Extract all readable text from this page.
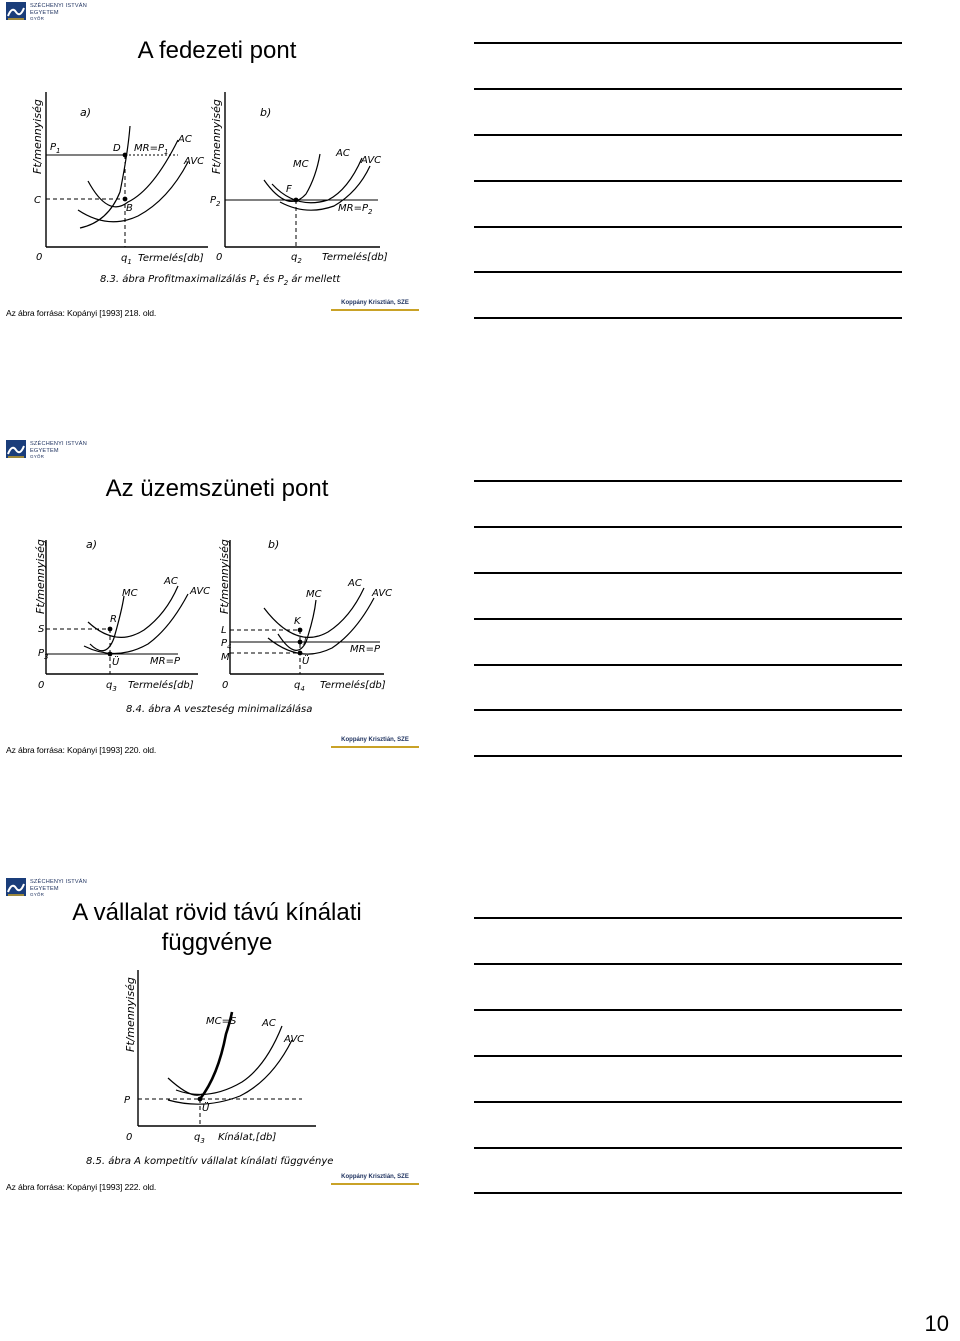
SZÉCHENYI ISTVÁN
EGYETEM
GYŐR
A fedezeti pont
Ft/mennyiség	a)
$P_1$
C
D
B
$MR=P_1$
AC
AVC
0	$q_1$ Termelés[db]
Ft/mennyiség	b)
MC
AC
AVC
F
$P_2$	$MR=P_2$
0	$q_2$ Termelés[db]
8.3. ábra Profitmaximalizálás $P_1$ és $P_2$ ár mellett
Az ábra forrása: Kopányi [1993] 218. old.
Koppány Krisztián, SZE
SZÉCHENYI ISTVÁN
EGYETEM
GYŐR
Az üzemszüneti pont
Ft/mennyiség	a)
MC
AC
AVC
R
S
$P_3$	Ü	MR=P
0	$q_3$ Termelés[db]
Ft/mennyiség	b)
MC
AC
AVC
K
L
$P_4$
M
J
Ü
MR=P
0	$q_4$ Termelés[db]
8.4. ábra A veszteség minimalizálása
Az ábra forrása: Kopányi [1993] 220. old.
Koppány Krisztián, SZE
SZÉCHENYI ISTVÁN
EGYETEM
GYŐR
A vállalat rövid távú kínálati függvénye
Ft/mennyiség	MC=S	AC
AVC
P
Ü
0	$q_3$ Kínálat,[db]
8.5. ábra A kompetitív vállalat kínálati függvénye
Az ábra forrása: Kopányi [1993] 222. old.
Koppány Krisztián, SZE
10
